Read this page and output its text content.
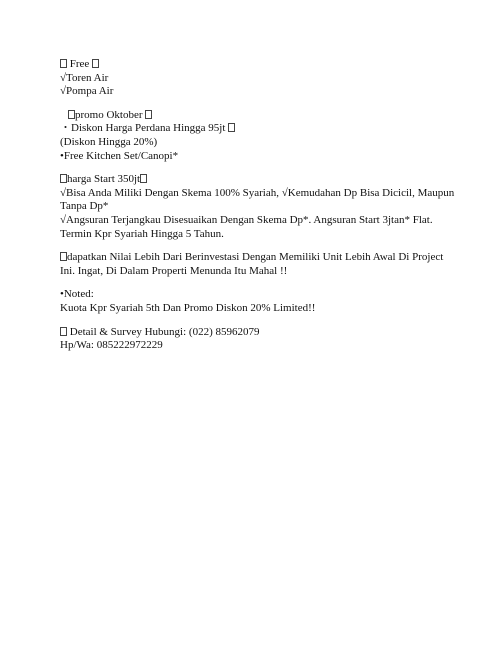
Free
√Toren Air
√Pompa Air
promo Oktober
・Diskon Harga Perdana Hingga 95jt
(Diskon Hingga 20%)
•Free Kitchen Set/Canopi*
harga Start 350jt
√Bisa Anda Miliki Dengan Skema 100% Syariah, √Kemudahan Dp Bisa Dicicil, Maupun Tanpa Dp*
√Angsuran Terjangkau Disesuaikan Dengan Skema Dp*. Angsuran Start 3jtan* Flat. Termin Kpr Syariah Hingga 5 Tahun.
dapatkan Nilai Lebih Dari Berinvestasi Dengan Memiliki Unit Lebih Awal Di Project Ini. Ingat, Di Dalam Properti Menunda Itu Mahal !!
•Noted:
Kuota Kpr Syariah 5th Dan Promo Diskon 20% Limited!!
Detail & Survey Hubungi: (022) 85962079
Hp/Wa: 085222972229
